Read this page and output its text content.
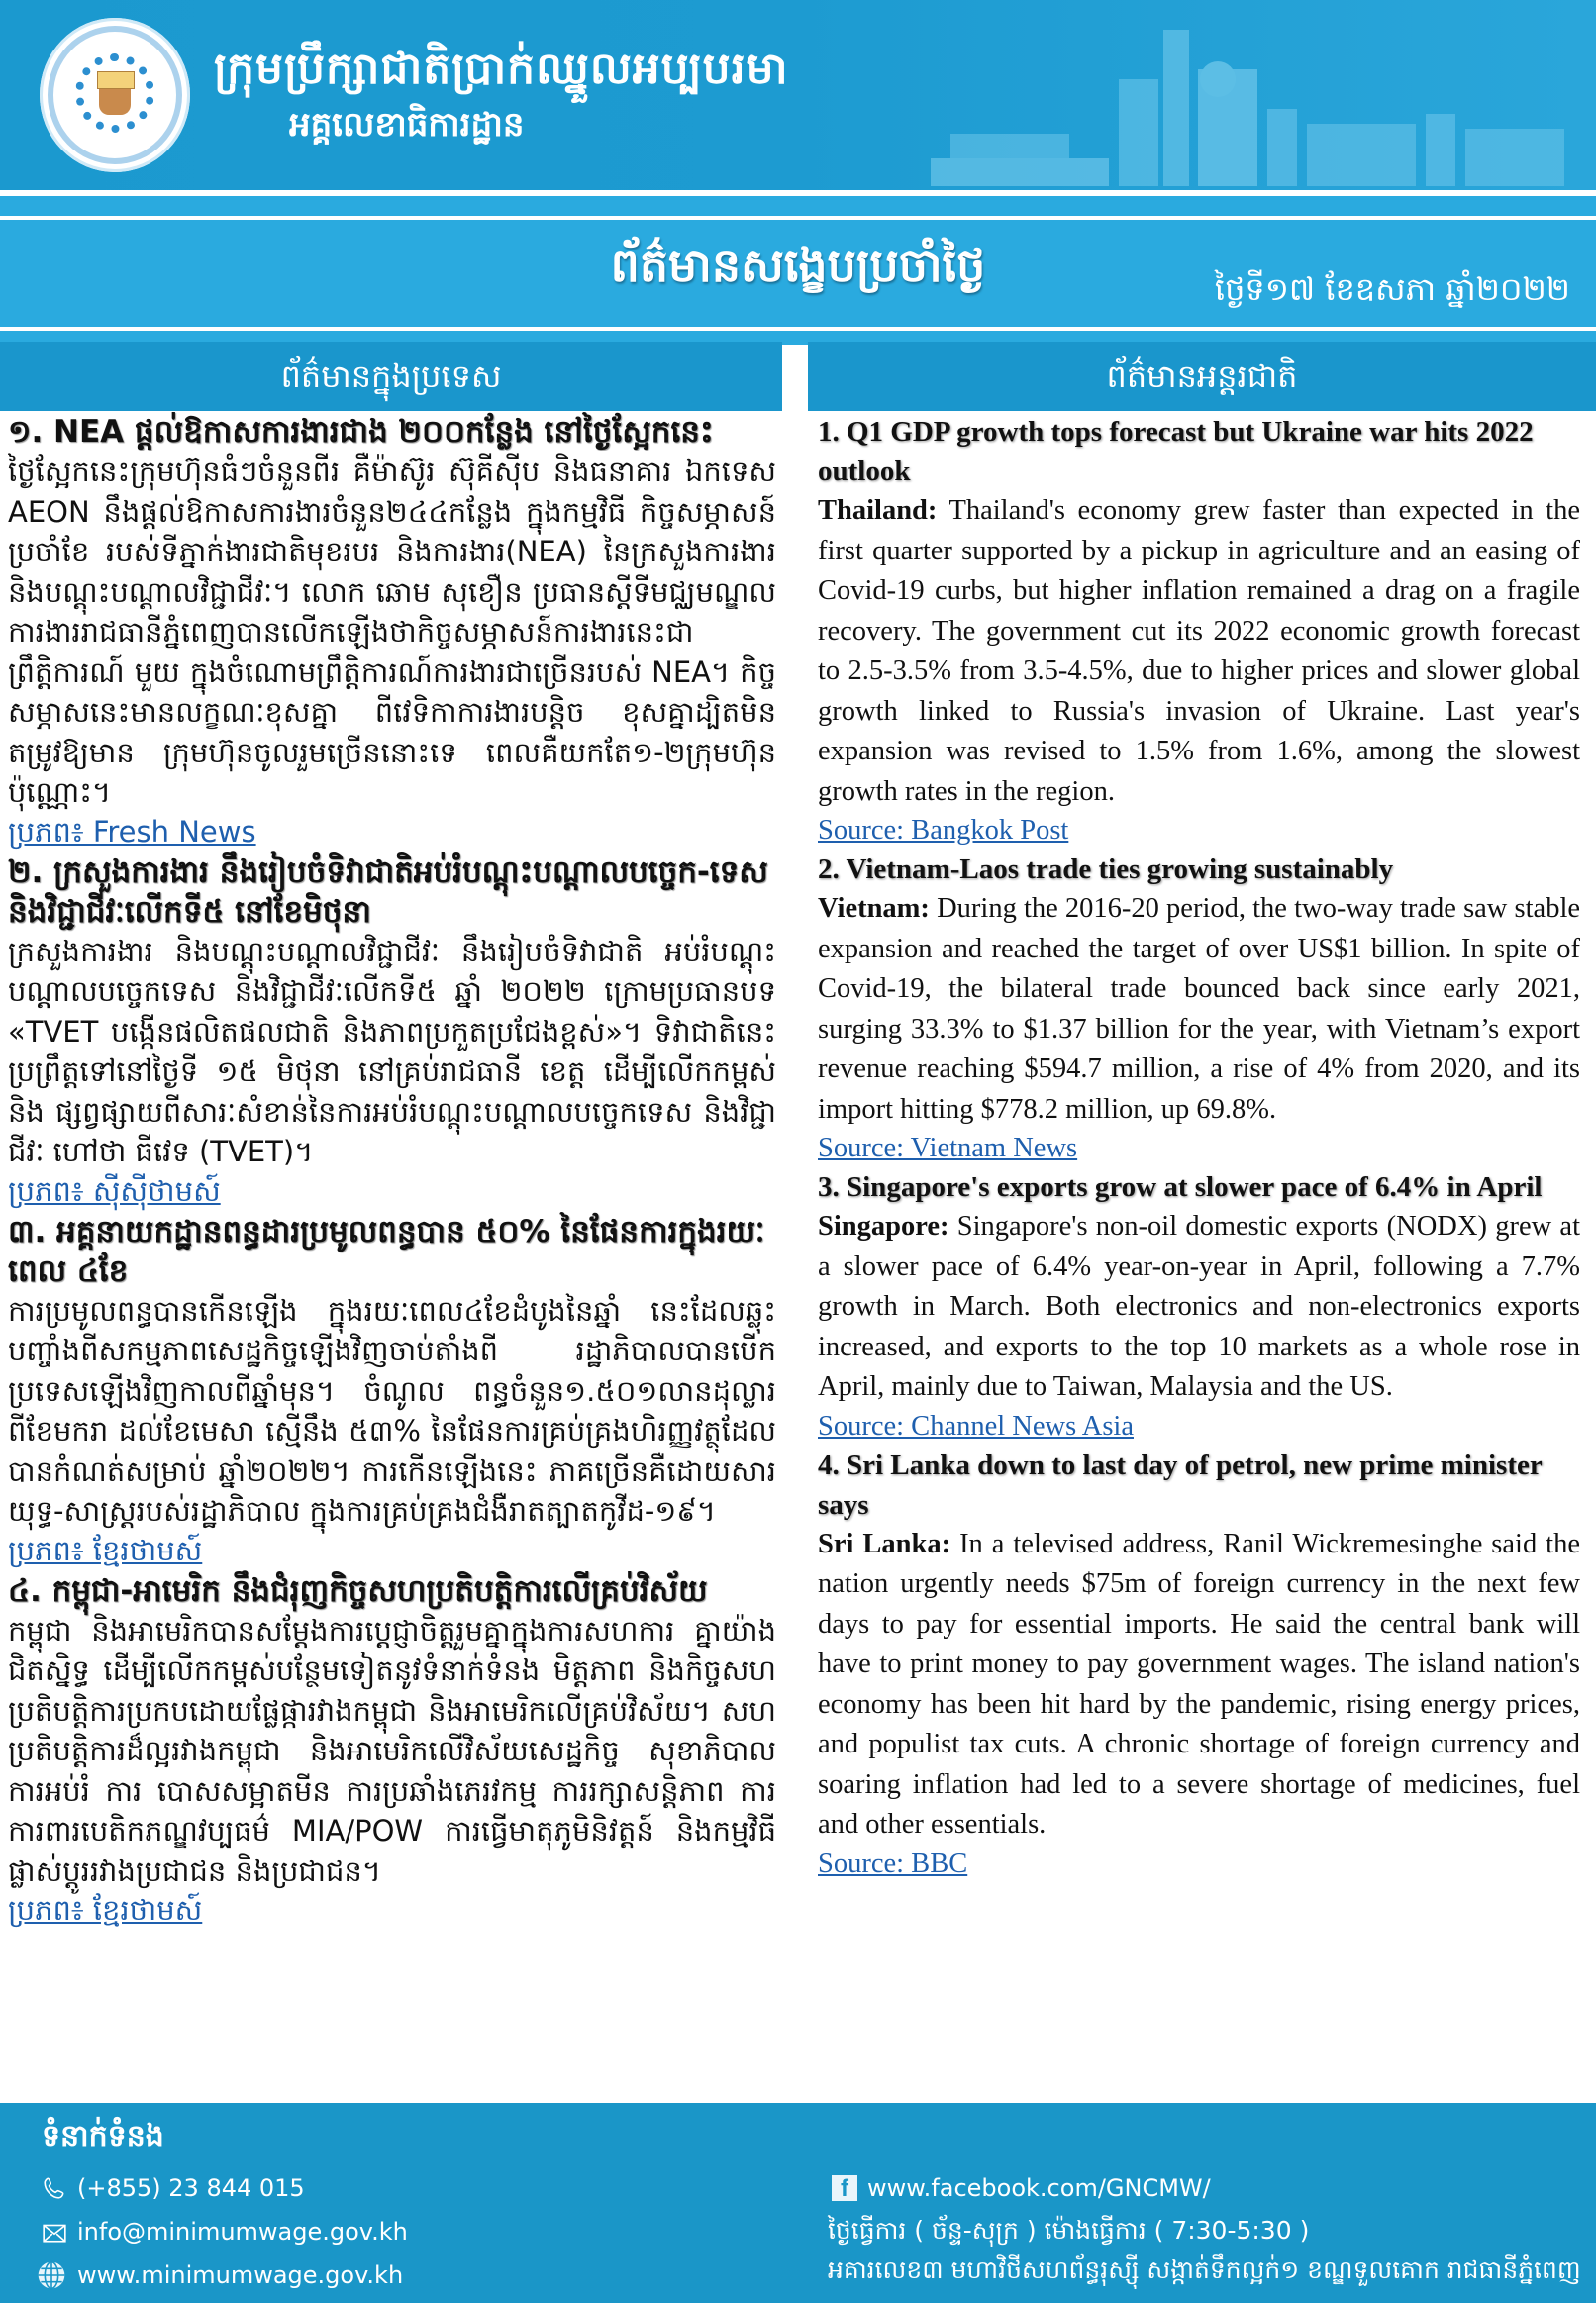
ក្រុមប្រឹក្សាជាតិប្រាក់ឈ្នួលអប្បបរមា
អគ្គលេខាធិការដ្ឋាន
ព័ត៌មានសង្ខេបប្រចាំថ្ងៃ	ថ្ងៃទី១៧ ខែឧសភា ឆ្នាំ២០២២
ព័ត៌មានក្នុងប្រទេស	ព័ត៌មានអន្តរជាតិ

១. NEA ផ្តល់ឱកាសការងារជាង ២០០កន្លែង នៅថ្ងៃស្អែកនេះ

ថ្ងៃស្អែកនេះក្រុមហ៊ុនធំៗចំនួនពីរ គឺម៉ាស៊ូរ ស៊ុគីស៊ីប និងធនាគារ ឯកទេស AEON នឹងផ្តល់ឱកាសការងារចំនួន២៤៤កន្លែង ក្នុងកម្មវិធី កិច្ចសម្ភាសន៍ប្រចាំខែ របស់ទីភ្នាក់ងារជាតិមុខរបរ និងការងារ(NEA) នៃក្រសួងការងារ និងបណ្តុះបណ្តាលវិជ្ជាជីវៈ។ លោក ឆោម សុខឿន ប្រធានស្ដីទីមជ្ឈមណ្ឌលការងាររាជធានីភ្នំពេញបានលើកឡើងថាកិច្ចសម្ភាសន៍ការងារនេះជាព្រឹត្តិការណ៍ មួយ ក្នុងចំណោមព្រឹត្តិការណ៍ការងារជាច្រើនរបស់ NEA។ កិច្ចសម្ភាសនេះមានលក្ខណៈខុសគ្នា ពីវេទិកាការងារបន្តិច ខុសគ្នាដ្បិតមិនតម្រូវឱ្យមាន ក្រុមហ៊ុនចូលរួមច្រើននោះទេ ពេលគឺយកតែ១-២ក្រុមហ៊ុនប៉ុណ្ណោះ។

ប្រភព៖ Fresh News

២. ក្រសួងការងារ នឹងរៀបចំទិវាជាតិអប់រំបណ្តុះបណ្តាលបច្ចេក-ទេស និងវិជ្ជាជីវៈលើកទី៥ នៅខែមិថុនា

ក្រសួងការងារ និងបណ្ដុះបណ្ដាលវិជ្ជាជីវៈ នឹងរៀបចំទិវាជាតិ អប់រំបណ្ដុះបណ្ដាលបច្ចេកទេស និងវិជ្ជាជីវៈលើកទី៥ ឆ្នាំ ២០២២ ក្រោមប្រធានបទ «TVET បង្កើនផលិតផលជាតិ និងភាពប្រកួតប្រជែងខ្ពស់»។ ទិវាជាតិនេះ ប្រព្រឹត្តទៅនៅថ្ងៃទី ១៥ មិថុនា នៅគ្រប់រាជធានី ខេត្ត ដើម្បីលើកកម្ពស់ និង ផ្សព្វផ្សាយពីសារៈសំខាន់នៃការអប់រំបណ្ដុះបណ្ដាលបច្ចេកទេស និងវិជ្ជាជីវៈ ហៅថា ធីវេទ (TVET)។

ប្រភព៖ ស៊ីស៊ីថាមស៍

៣. អគ្គនាយកដ្ឋានពន្ធដារប្រមូលពន្ធបាន ៥០% នៃផែនការក្នុងរយៈពេល ៤ខែ

ការប្រមូលពន្ធបានកើនឡើង ក្នុងរយៈពេល៤ខែដំបូងនៃឆ្នាំ នេះដែលឆ្លុះបញ្ចាំងពីសកម្មភាពសេដ្ឋកិច្ចឡើងវិញចាប់តាំងពី រដ្ឋាភិបាលបានបើកប្រទេសឡើងវិញកាលពីឆ្នាំមុន។ ចំណូល ពន្ធចំនួន១.៥០១លានដុល្លារ ពីខែមករា ដល់ខែមេសា ស្មើនឹង ៥៣% នៃផែនការគ្រប់គ្រងហិរញ្ញវត្ថុដែលបានកំណត់សម្រាប់ ឆ្នាំ២០២២។ ការកើនឡើងនេះ ភាគច្រើនគឺដោយសារយុទ្ធ-សាស្ត្ររបស់រដ្ឋាភិបាល ក្នុងការគ្រប់គ្រងជំងឺរាតត្បាតកូវីដ-១៩។

ប្រភព៖ ខ្មែរថាមស៍

៤. កម្ពុជា-អាមេរិក នឹងជំរុញកិច្ចសហប្រតិបត្តិការលើគ្រប់វិស័យ

កម្ពុជា និងអាមេរិកបានសម្តែងការប្តេជ្ញាចិត្តរួមគ្នាក្នុងការសហការ គ្នាយ៉ាងជិតស្និទ្ធ ដើម្បីលើកកម្ពស់បន្ថែមទៀតនូវទំនាក់ទំនង មិត្តភាព និងកិច្ចសហប្រតិបត្តិការប្រកបដោយផ្លែផ្ការវាងកម្ពុជា និងអាមេរិកលើគ្រប់វិស័យ។ សហប្រតិបត្តិការដ៏ល្អរវាងកម្ពុជា និងអាមេរិកលើវិស័យសេដ្ឋកិច្ច សុខាភិបាល ការអប់រំ ការ បោសសម្អាតមីន ការប្រឆាំងភេរវកម្ម ការរក្សាសន្តិភាព ការ ការពារបេតិកភណ្ឌវប្បធម៌ MIA/POW ការធ្វើមាតុភូមិនិវត្តន៍ និងកម្មវិធីផ្លាស់ប្តូររវាងប្រជាជន និងប្រជាជន។

ប្រភព៖ ខ្មែរថាមស៍

1. Q1 GDP growth tops forecast but Ukraine war hits 2022 outlook

Thailand: Thailand's economy grew faster than expected in the first quarter supported by a pickup in agriculture and an easing of Covid-19 curbs, but higher inflation remained a drag on a fragile recovery. The government cut its 2022 economic growth forecast to 2.5-3.5% from 3.5-4.5%, due to higher prices and slower global growth linked to Russia's invasion of Ukraine. Last year's expansion was revised to 1.5% from 1.6%, among the slowest growth rates in the region.

Source: Bangkok Post

2. Vietnam-Laos trade ties growing sustainably

Vietnam: During the 2016-20 period, the two-way trade saw stable expansion and reached the target of over US$1 billion. In spite of Covid-19, the bilateral trade bounced back since early 2021, surging 33.3% to $1.37 billion for the year, with Vietnam’s export revenue reaching $594.7 million, a rise of 4% from 2020, and its import hitting $778.2 million, up 69.8%.

Source: Vietnam News

3. Singapore's exports grow at slower pace of 6.4% in April

Singapore: Singapore's non-oil domestic exports (NODX) grew at a slower pace of 6.4% year-on-year in April, following a 7.7% growth in March. Both electronics and non-electronics exports increased, and exports to the top 10 markets as a whole rose in April, mainly due to Taiwan, Malaysia and the US.

Source: Channel News Asia

4. Sri Lanka down to last day of petrol, new prime minister says

Sri Lanka: In a televised address, Ranil Wickremesinghe said the nation urgently needs $75m of foreign currency in the next few days to pay for essential imports. He said the central bank will have to print money to pay government wages. The island nation's economy has been hit hard by the pandemic, rising energy prices, and populist tax cuts. A chronic shortage of foreign currency and soaring inflation had led to a severe shortage of medicines, fuel and other essentials.

Source: BBC
ទំនាក់ទំនង
(+855) 23 844 015
info@minimumwage.gov.kh
www.minimumwage.gov.kh
f www.facebook.com/GNCMW/
ថ្ងៃធ្វើការ ( ច័ន្ទ-សុក្រ ) ម៉ោងធ្វើការ ( 7:30-5:30 )
អគារលេខ៣ មហាវិថីសហព័ន្ធរុស្ស៊ី សង្កាត់ទឹកល្អក់១ ខណ្ឌទួលគោក រាជធានីភ្នំពេញ
